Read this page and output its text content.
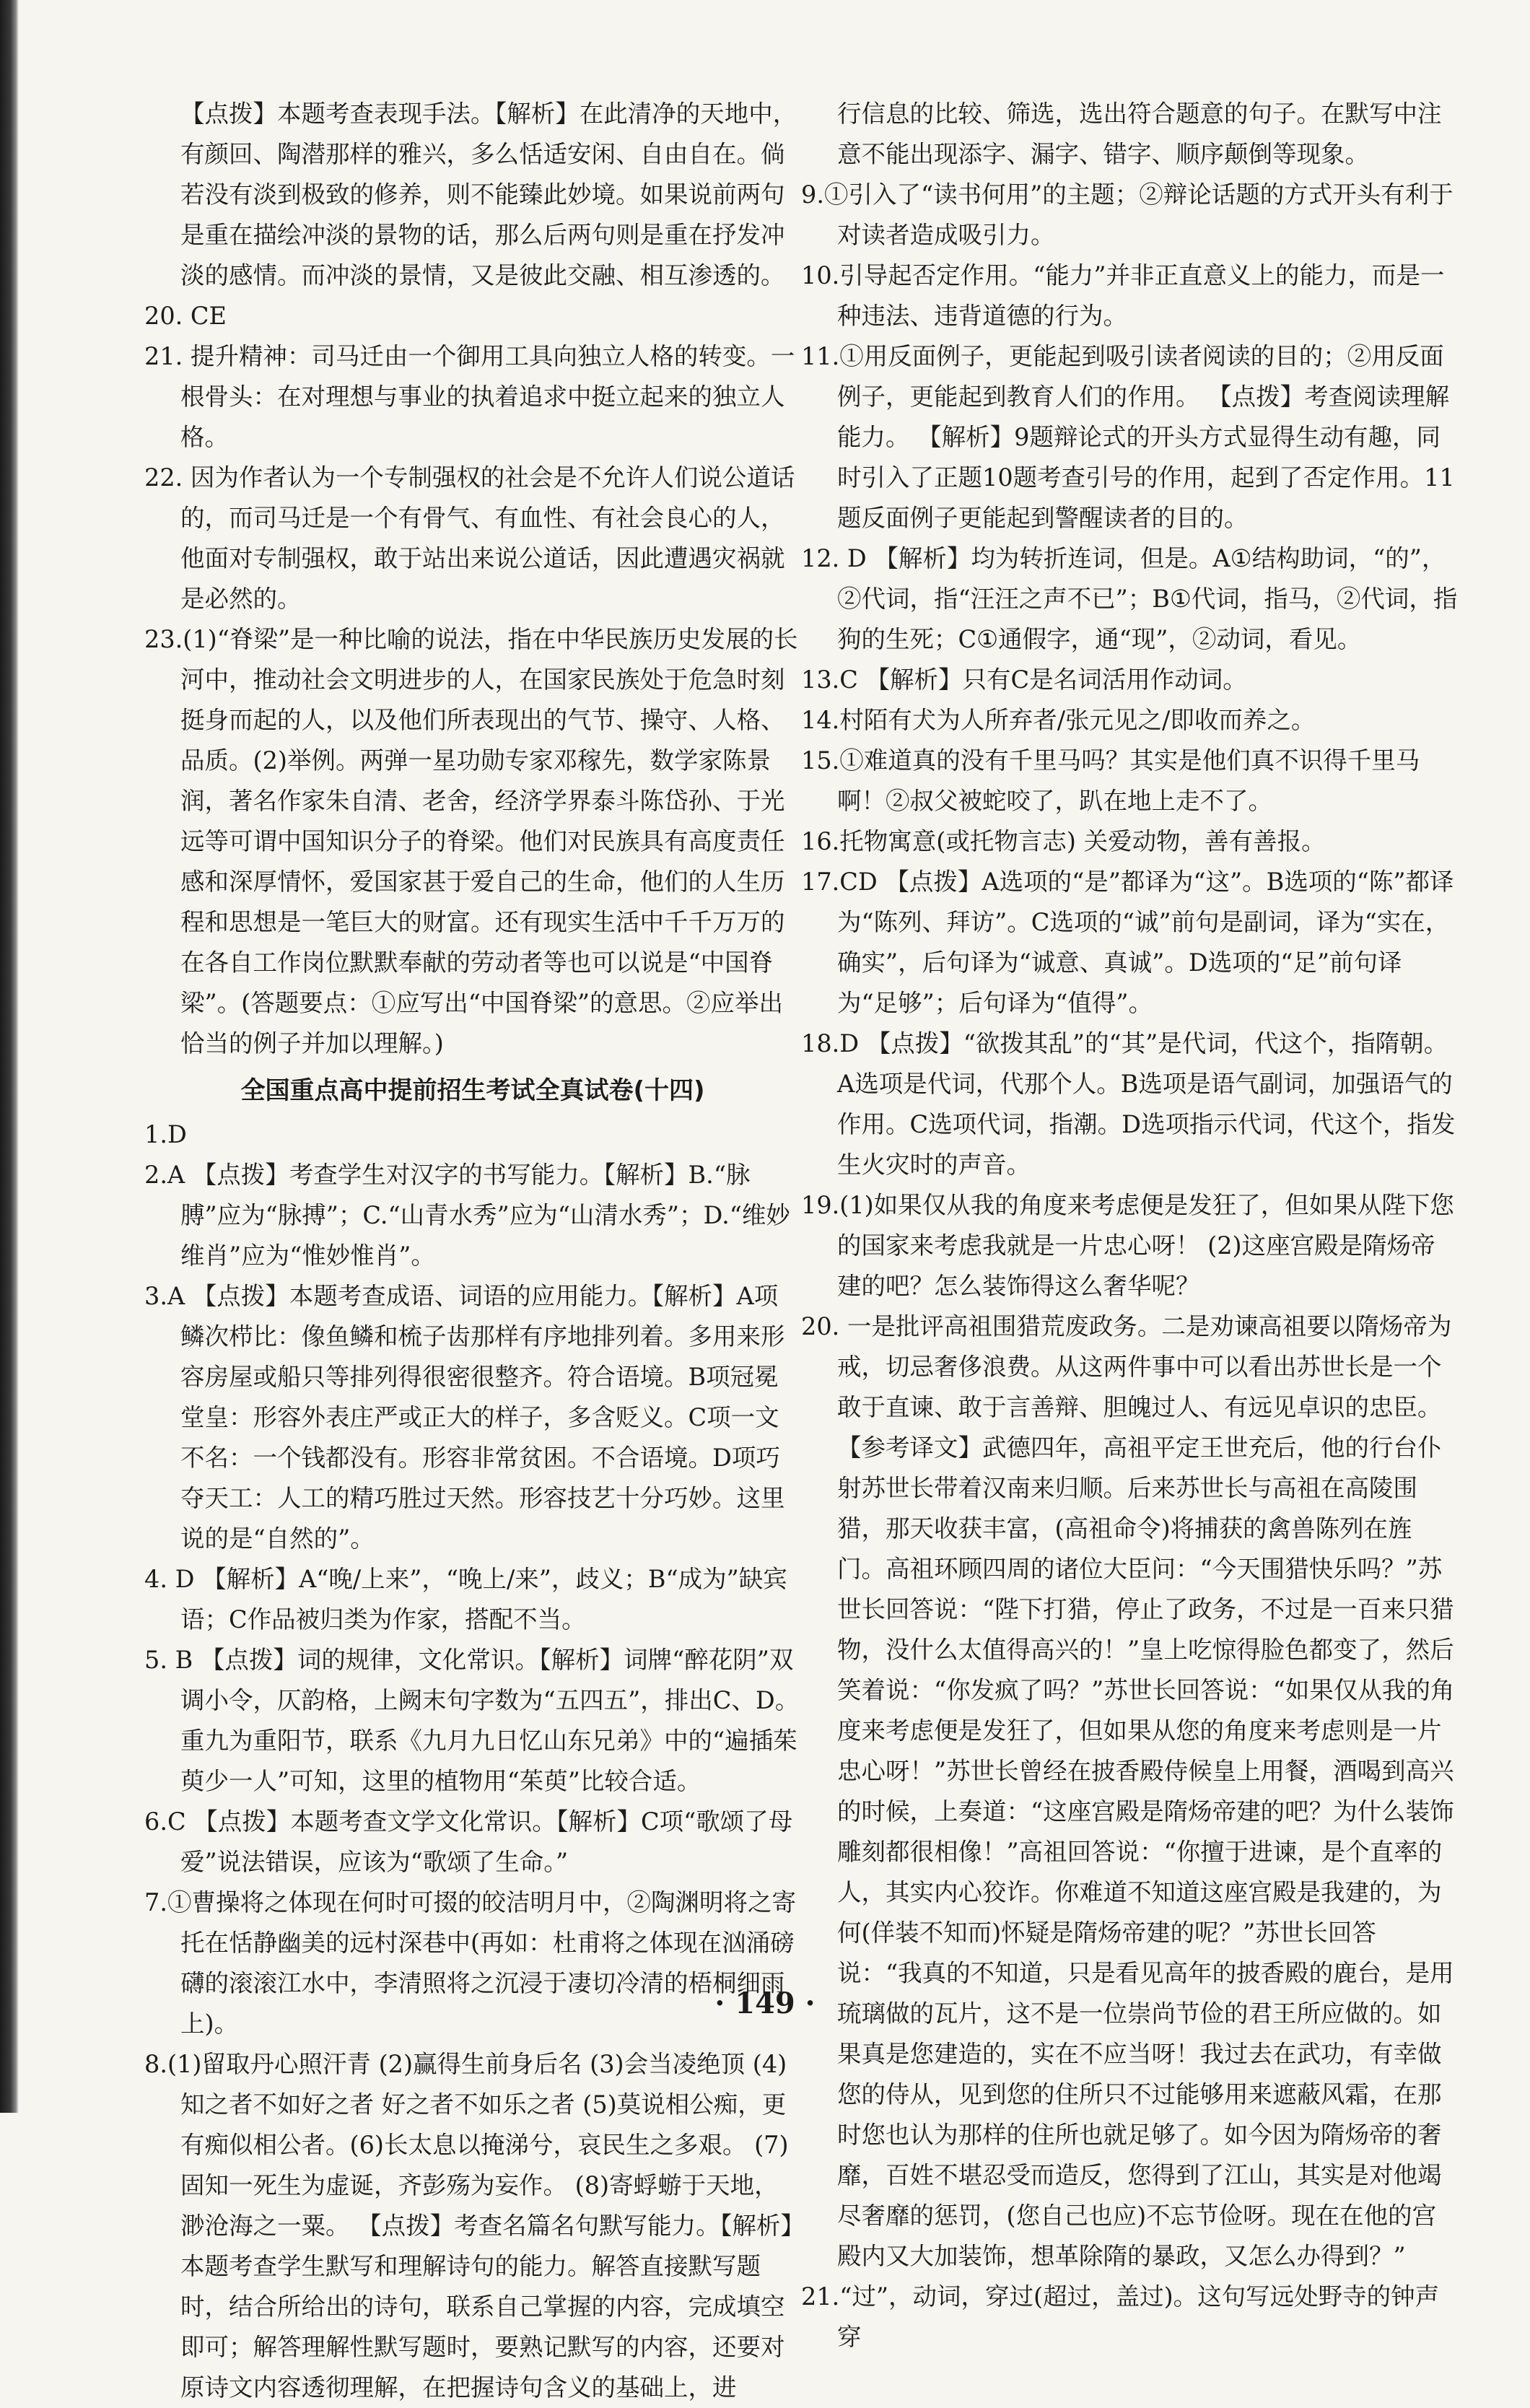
【点拨】本题考查表现手法。【解析】在此清净的天地中，有颜回、陶潜那样的雅兴，多么恬适安闲、自由自在。倘若没有淡到极致的修养，则不能臻此妙境。如果说前两句是重在描绘冲淡的景物的话，那么后两句则是重在抒发冲淡的感情。而冲淡的景情，又是彼此交融、相互渗透的。

20. CE

21. 提升精神：司马迁由一个御用工具向独立人格的转变。一根骨头：在对理想与事业的执着追求中挺立起来的独立人格。

22. 因为作者认为一个专制强权的社会是不允许人们说公道话的，而司马迁是一个有骨气、有血性、有社会良心的人，他面对专制强权，敢于站出来说公道话，因此遭遇灾祸就是必然的。

23.(1)“脊梁”是一种比喻的说法，指在中华民族历史发展的长河中，推动社会文明进步的人，在国家民族处于危急时刻挺身而起的人，以及他们所表现出的气节、操守、人格、品质。(2)举例。两弹一星功勋专家邓稼先，数学家陈景润，著名作家朱自清、老舍，经济学界泰斗陈岱孙、于光远等可谓中国知识分子的脊梁。他们对民族具有高度责任感和深厚情怀，爱国家甚于爱自己的生命，他们的人生历程和思想是一笔巨大的财富。还有现实生活中千千万万的在各自工作岗位默默奉献的劳动者等也可以说是“中国脊梁”。(答题要点：①应写出“中国脊梁”的意思。②应举出恰当的例子并加以理解。)

全国重点高中提前招生考试全真试卷(十四)

1.D

2.A 【点拨】考查学生对汉字的书写能力。【解析】B.“脉膊”应为“脉搏”；C.“山青水秀”应为“山清水秀”；D.“维妙维肖”应为“惟妙惟肖”。

3.A 【点拨】本题考查成语、词语的应用能力。【解析】A项鳞次栉比：像鱼鳞和梳子齿那样有序地排列着。多用来形容房屋或船只等排列得很密很整齐。符合语境。B项冠冕堂皇：形容外表庄严或正大的样子，多含贬义。C项一文不名：一个钱都没有。形容非常贫困。不合语境。D项巧夺天工：人工的精巧胜过天然。形容技艺十分巧妙。这里说的是“自然的”。

4. D 【解析】A“晚/上来”，“晚上/来”，歧义；B“成为”缺宾语；C作品被归类为作家，搭配不当。

5. B 【点拨】词的规律，文化常识。【解析】词牌“醉花阴”双调小令，仄韵格，上阙末句字数为“五四五”，排出C、D。重九为重阳节，联系《九月九日忆山东兄弟》中的“遍插茱萸少一人”可知，这里的植物用“茱萸”比较合适。

6.C 【点拨】本题考查文学文化常识。【解析】C项“歌颂了母爱”说法错误，应该为“歌颂了生命。”

7.①曹操将之体现在何时可掇的皎洁明月中，②陶渊明将之寄托在恬静幽美的远村深巷中(再如：杜甫将之体现在汹涌磅礴的滚滚江水中，李清照将之沉浸于凄切冷清的梧桐细雨上)。

8.(1)留取丹心照汗青 (2)赢得生前身后名 (3)会当凌绝顶 (4)知之者不如好之者 好之者不如乐之者 (5)莫说相公痴，更有痴似相公者。(6)长太息以掩涕兮，哀民生之多艰。 (7)固知一死生为虚诞，齐彭殇为妄作。 (8)寄蜉蝣于天地，渺沧海之一粟。 【点拨】考查名篇名句默写能力。【解析】本题考查学生默写和理解诗句的能力。解答直接默写题时，结合所给出的诗句，联系自己掌握的内容，完成填空即可；解答理解性默写题时，要熟记默写的内容，还要对原诗文内容透彻理解，在把握诗句含义的基础上，进

行信息的比较、筛选，选出符合题意的句子。在默写中注意不能出现添字、漏字、错字、顺序颠倒等现象。

9.①引入了“读书何用”的主题；②辩论话题的方式开头有利于对读者造成吸引力。

10.引导起否定作用。“能力”并非正直意义上的能力，而是一种违法、违背道德的行为。

11.①用反面例子，更能起到吸引读者阅读的目的；②用反面例子，更能起到教育人们的作用。 【点拨】考查阅读理解能力。 【解析】9题辩论式的开头方式显得生动有趣，同时引入了正题10题考查引号的作用，起到了否定作用。11题反面例子更能起到警醒读者的目的。

12. D 【解析】均为转折连词，但是。A①结构助词，“的”，②代词，指“汪汪之声不已”；B①代词，指马，②代词，指狗的生死；C①通假字，通“现”，②动词，看见。

13.C 【解析】只有C是名词活用作动词。

14.村陌有犬为人所弃者/张元见之/即收而养之。

15.①难道真的没有千里马吗？其实是他们真不识得千里马啊！②叔父被蛇咬了，趴在地上走不了。

16.托物寓意(或托物言志) 关爱动物，善有善报。

17.CD 【点拨】A选项的“是”都译为“这”。B选项的“陈”都译为“陈列、拜访”。C选项的“诚”前句是副词，译为“实在，确实”，后句译为“诚意、真诚”。D选项的“足”前句译为“足够”；后句译为“值得”。

18.D 【点拨】“欲拨其乱”的“其”是代词，代这个，指隋朝。A选项是代词，代那个人。B选项是语气副词，加强语气的作用。C选项代词，指潮。D选项指示代词，代这个，指发生火灾时的声音。

19.(1)如果仅从我的角度来考虑便是发狂了，但如果从陛下您的国家来考虑我就是一片忠心呀！ (2)这座宫殿是隋炀帝建的吧？怎么装饰得这么奢华呢？

20. 一是批评高祖围猎荒废政务。二是劝谏高祖要以隋炀帝为戒，切忌奢侈浪费。从这两件事中可以看出苏世长是一个敢于直谏、敢于言善辩、胆魄过人、有远见卓识的忠臣。

【参考译文】武德四年，高祖平定王世充后，他的行台仆射苏世长带着汉南来归顺。后来苏世长与高祖在高陵围猎，那天收获丰富，(高祖命令)将捕获的禽兽陈列在旌门。高祖环顾四周的诸位大臣问：“今天围猎快乐吗？”苏世长回答说：“陛下打猎，停止了政务，不过是一百来只猎物，没什么太值得高兴的！”皇上吃惊得脸色都变了，然后笑着说：“你发疯了吗？”苏世长回答说：“如果仅从我的角度来考虑便是发狂了，但如果从您的角度来考虑则是一片忠心呀！”苏世长曾经在披香殿侍候皇上用餐，酒喝到高兴的时候，上奏道：“这座宫殿是隋炀帝建的吧？为什么装饰雕刻都很相像！”高祖回答说：“你擅于进谏，是个直率的人，其实内心狡诈。你难道不知道这座宫殿是我建的，为何(佯装不知而)怀疑是隋炀帝建的呢？”苏世长回答说：“我真的不知道，只是看见高年的披香殿的鹿台，是用琉璃做的瓦片，这不是一位崇尚节俭的君王所应做的。如果真是您建造的，实在不应当呀！我过去在武功，有幸做您的侍从，见到您的住所只不过能够用来遮蔽风霜，在那时您也认为那样的住所也就足够了。如今因为隋炀帝的奢靡，百姓不堪忍受而造反，您得到了江山，其实是对他竭尽奢靡的惩罚，(您自己也应)不忘节俭呀。现在在他的宫殿内又大加装饰，想革除隋的暴政，又怎么办得到？”

21.“过”，动词，穿过(超过，盖过)。这句写远处野寺的钟声穿

· 149 ·
